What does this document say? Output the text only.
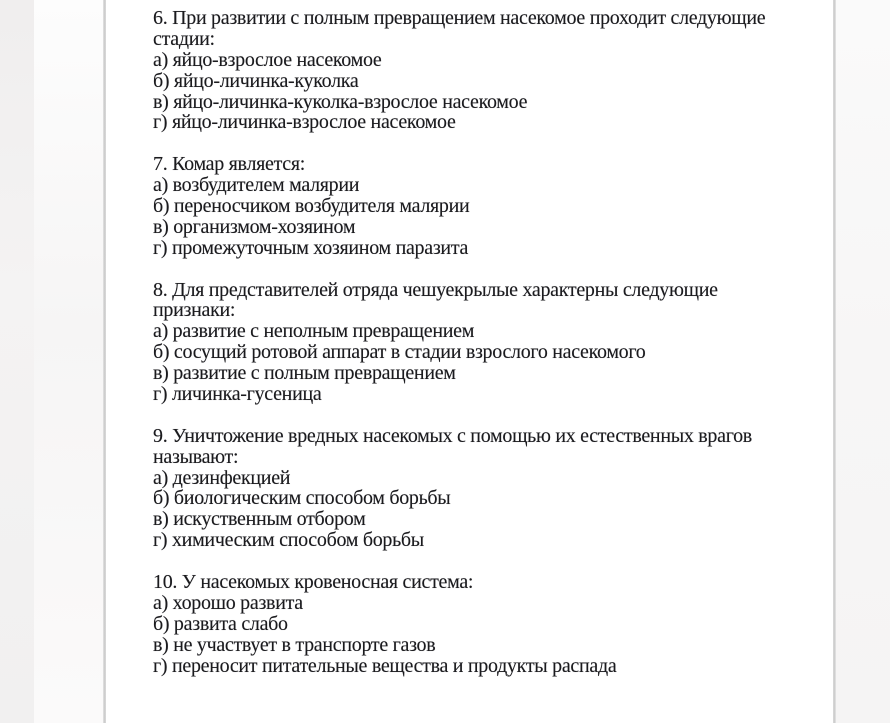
6. При развитии с полным превращением насекомое проходит следующие
стадии:
а) яйцо-взрослое насекомое
б) яйцо-личинка-куколка
в) яйцо-личинка-куколка-взрослое насекомое
г) яйцо-личинка-взрослое насекомое
7. Комар является:
а) возбудителем малярии
б) переносчиком возбудителя малярии
в) организмом-хозяином
г) промежуточным хозяином паразита
8. Для представителей отряда чешуекрылые характерны следующие
признаки:
а) развитие с неполным превращением
б) сосущий ротовой аппарат в стадии взрослого насекомого
в) развитие с полным превращением
г) личинка-гусеница
9. Уничтожение вредных насекомых с помощью их естественных врагов
называют:
а) дезинфекцией
б) биологическим способом борьбы
в) искуственным отбором
г) химическим способом борьбы
10. У насекомых кровеносная система:
а) хорошо развита
б) развита слабо
в) не участвует в транспорте газов
г) переносит питательные вещества и продукты распада
